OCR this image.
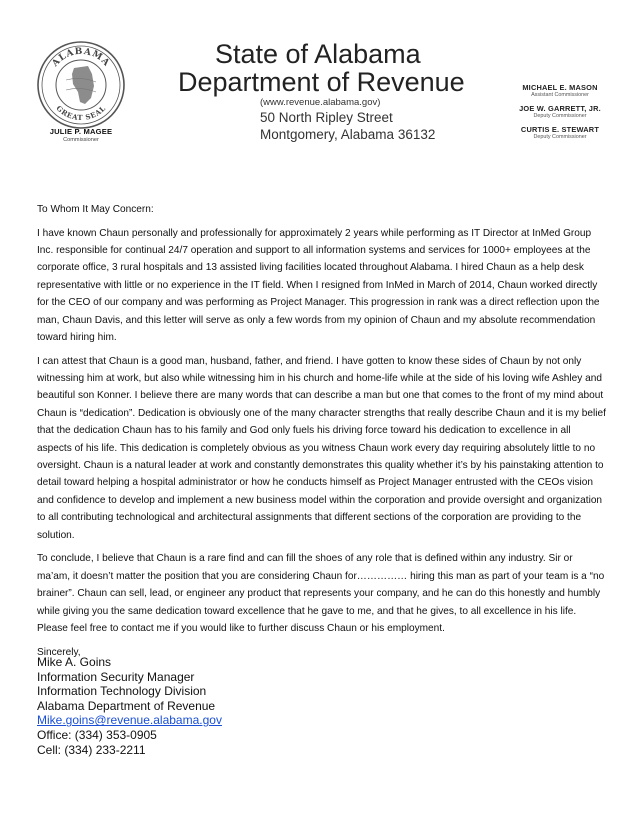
ALABAMA
GREAT SEAL
JULIE P. MAGEE
Commissioner
State of Alabama
Department of Revenue
(www.revenue.alabama.gov)
50 North Ripley Street
Montgomery, Alabama 36132
MICHAEL E. MASON
Assistant Commissioner
JOE W. GARRETT, JR.
Deputy Commissioner
CURTIS E. STEWART
Deputy Commissioner

To Whom It May Concern:

I have known Chaun personally and professionally for approximately 2 years while performing as IT Director at InMed Group Inc. responsible for continual 24/7 operation and support to all information systems and services for 1000+ employees at the corporate office, 3 rural hospitals and 13 assisted living facilities located throughout Alabama. I hired Chaun as a help desk representative with little or no experience in the IT field. When I resigned from InMed in March of 2014, Chaun worked directly for the CEO of our company and was performing as Project Manager. This progression in rank was a direct reflection upon the man, Chaun Davis, and this letter will serve as only a few words from my opinion of Chaun and my absolute recommendation toward hiring him.

I can attest that Chaun is a good man, husband, father, and friend. I have gotten to know these sides of Chaun by not only witnessing him at work, but also while witnessing him in his church and home-life while at the side of his loving wife Ashley and beautiful son Konner. I believe there are many words that can describe a man but one that comes to the front of my mind about Chaun is “dedication”. Dedication is obviously one of the many character strengths that really describe Chaun and it is my belief that the dedication Chaun has to his family and God only fuels his driving force toward his dedication to excellence in all aspects of his life. This dedication is completely obvious as you witness Chaun work every day requiring absolutely little to no oversight. Chaun is a natural leader at work and constantly demonstrates this quality whether it’s by his painstaking attention to detail toward helping a hospital administrator or how he conducts himself as Project Manager entrusted with the CEOs vision and confidence to develop and implement a new business model within the corporation and provide oversight and organization to all contributing technological and architectural assignments that different sections of the corporation are providing to the solution.

To conclude, I believe that Chaun is a rare find and can fill the shoes of any role that is defined within any industry. Sir or ma’am, it doesn’t matter the position that you are considering Chaun for…………… hiring this man as part of your team is a “no brainer”. Chaun can sell, lead, or engineer any product that represents your company, and he can do this honestly and humbly while giving you the same dedication toward excellence that he gave to me, and that he gives, to all excellence in his life. Please feel free to contact me if you would like to further discuss Chaun or his employment.

Sincerely,

Mike A. Goins
Information Security Manager
Information Technology Division
Alabama Department of Revenue
Mike.goins@revenue.alabama.gov
Office: (334) 353-0905
Cell: (334) 233-2211
